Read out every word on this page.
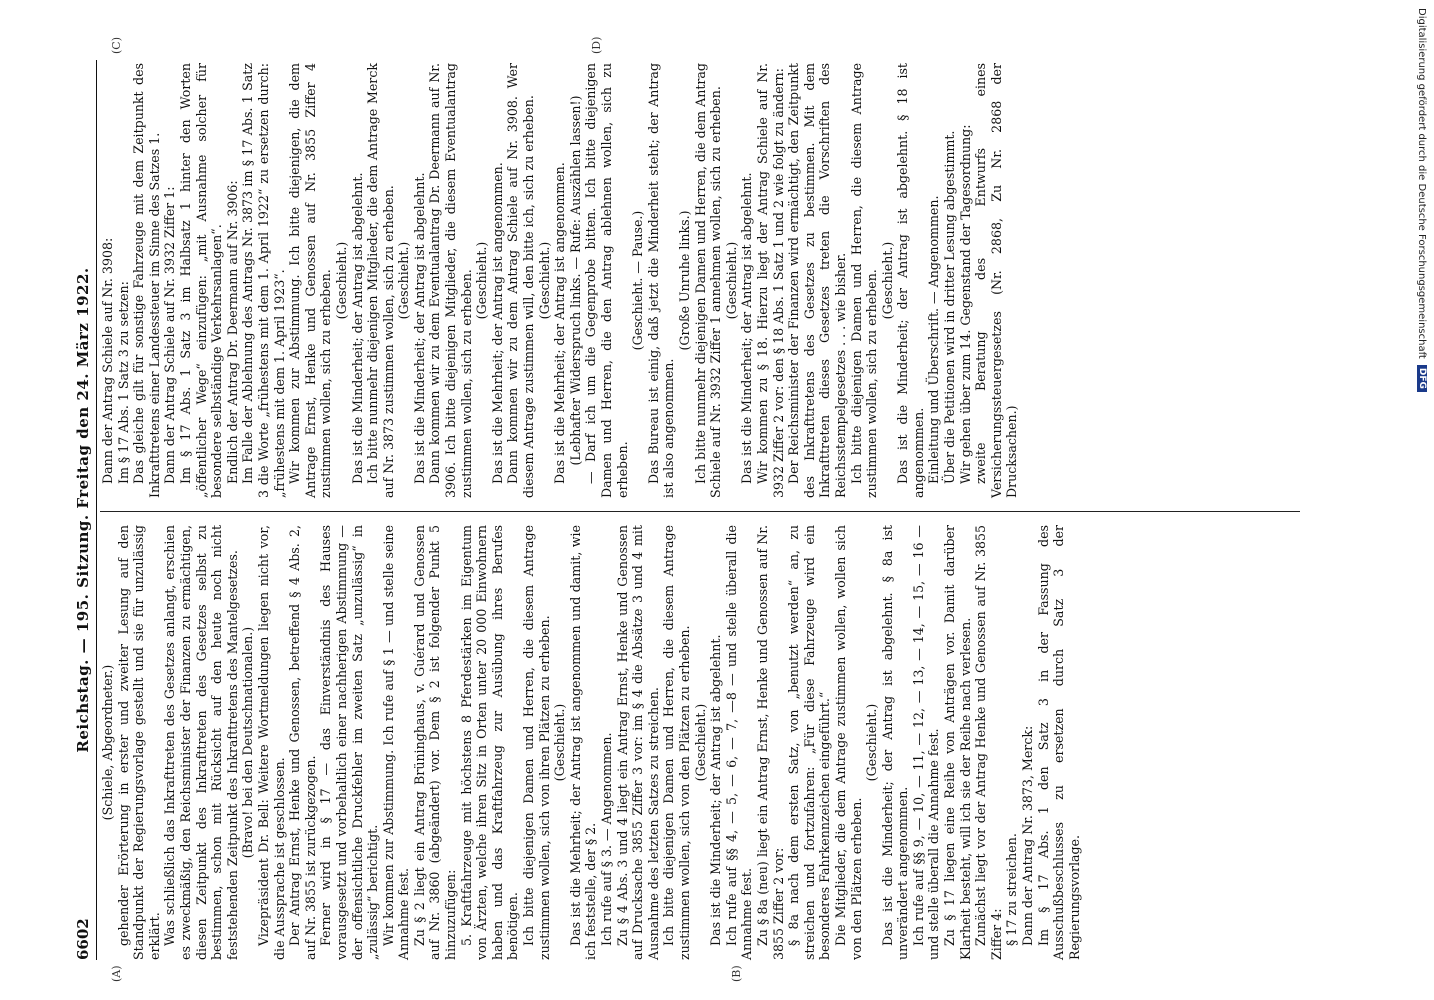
6602
Reichstag. — 195. Sitzung. Freitag den 24. März 1922.
(A)	(B)
(C)	(D)

(Schiele, Abgeordneter.) gehender Erörterung in erster und zweiter Lesung auf den Standpunkt der Regierungsvorlage gestellt und sie für unzulässig erklärt. Was schließlich das Inkrafttreten des Gesetzes anlangt, erschien es zweckmäßig, den Reichsminister der Finanzen zu ermächtigen, diesen Zeitpunkt des Inkrafttreten des Gesetzes selbst zu bestimmen, schon mit Rücksicht auf den heute noch nicht feststehenden Zeitpunkt des Inkrafttretens des Mantelgesetzes. (Bravo! bei den Deutschnationalen.) Vizepräsident Dr. Bell: Weitere Wortmeldungen liegen nicht vor, die Aussprache ist geschlossen. Der Antrag Ernst, Henke und Genossen, betreffend § 4 Abs. 2, auf Nr. 3855 ist zurückgezogen. Ferner wird in § 17 — das Einverständnis des Hauses vorausgesetzt und vorbehaltlich einer nachherigen Abstimmung — der offensichtliche Druckfehler im zweiten Satz „unzulässig“ in „zulässig“ berichtigt. Wir kommen zur Abstimmung. Ich rufe auf § 1 — und stelle seine Annahme fest. Zu § 2 liegt ein Antrag Brüninghaus, v. Guérard und Genossen auf Nr. 3860 (abgeändert) vor. Dem § 2 ist folgender Punkt 5 hinzuzufügen: 5. Kraftfahrzeuge mit höchstens 8 Pferdestärken im Eigentum von Ärzten, welche ihren Sitz in Orten unter 20 000 Einwohnern haben und das Kraftfahrzeug zur Ausübung ihres Berufes benötigen. Ich bitte diejenigen Damen und Herren, die diesem Antrage zustimmen wollen, sich von ihren Plätzen zu erheben. (Geschieht.) Das ist die Mehrheit; der Antrag ist angenommen und damit, wie ich feststelle, der § 2. Ich rufe auf § 3. — Angenommen. Zu § 4 Abs. 3 und 4 liegt ein Antrag Ernst, Henke und Genossen auf Drucksache 3855 Ziffer 3 vor: im § 4 die Absätze 3 und 4 mit Ausnahme des letzten Satzes zu streichen. Ich bitte diejenigen Damen und Herren, die diesem Antrage zustimmen wollen, sich von den Plätzen zu erheben. (Geschieht.) Das ist die Minderheit; der Antrag ist abgelehnt. Ich rufe auf §§ 4, — 5, — 6, — 7, —8 — und stelle überall die Annahme fest. Zu § 8a (neu) liegt ein Antrag Ernst, Henke und Genossen auf Nr. 3855 Ziffer 2 vor: § 8a nach dem ersten Satz, von „benutzt werden“ an, zu streichen und fortzufahren: „Für diese Fahrzeuge wird ein besonderes Fahrkennzeichen eingeführt.“ Die Mitglieder, die dem Antrage zustimmen wollen, wollen sich von den Plätzen erheben.

(Geschieht.) Das ist die Minderheit; der Antrag ist abgelehnt. § 8a ist unverändert angenommen. Ich rufe auf §§ 9, — 10, — 11, — 12, — 13, — 14, — 15, — 16 — und stelle überall die Annahme fest. Zu § 17 liegen eine Reihe von Anträgen vor. Damit darüber Klarheit besteht, will ich sie der Reihe nach verlesen. Zunächst liegt vor der Antrag Henke und Genossen auf Nr. 3855 Ziffer 4: § 17 zu streichen. Dann der Antrag Nr. 3873, Merck: Im § 17 Abs. 1 den Satz 3 in der Fassung des Ausschußbeschlusses zu ersetzen durch Satz 3 der Regierungsvorlage.

Dann der Antrag Schiele auf Nr. 3908: Im § 17 Abs. 1 Satz 3 zu setzen: Das gleiche gilt für sonstige Fahrzeuge mit dem Zeitpunkt des Inkrafttretens einer Landessteuer im Sinne des Satzes 1. Dann der Antrag Schiele auf Nr. 3932 Ziffer 1: Im § 17 Abs. 1 Satz 3 im Halbsatz 1 hinter den Worten „öffentlicher Wege“ einzufügen: „mit Ausnahme solcher für besondere selbständige Verkehrsanlagen“. Endlich der Antrag Dr. Deermann auf Nr. 3906: Im Falle der Ablehnung des Antrags Nr. 3873 im § 17 Abs. 1 Satz 3 die Worte „frühestens mit dem 1. April 1922“ zu ersetzen durch: „frühestens mit dem 1. April 1923“. Wir kommen zur Abstimmung. Ich bitte diejenigen, die dem Antrage Ernst, Henke und Genossen auf Nr. 3855 Ziffer 4 zustimmen wollen, sich zu erheben. (Geschieht.) Das ist die Minderheit; der Antrag ist abgelehnt. Ich bitte nunmehr diejenigen Mitglieder, die dem Antrage Merck auf Nr. 3873 zustimmen wollen, sich zu erheben. (Geschieht.) Das ist die Minderheit; der Antrag ist abgelehnt. Dann kommen wir zu dem Eventualantrag Dr. Deermann auf Nr. 3906. Ich bitte diejenigen Mitglieder, die diesem Eventualantrag zustimmen wollen, sich zu erheben. (Geschieht.) Das ist die Mehrheit; der Antrag ist angenommen. Dann kommen wir zu dem Antrag Schiele auf Nr. 3908. Wer diesem Antrage zustimmen will, den bitte ich, sich zu erheben. (Geschieht.) Das ist die Mehrheit; der Antrag ist angenommen. (Lebhafter Widerspruch links. — Rufe: Auszählen lassen!) — Darf ich um die Gegenprobe bitten. Ich bitte diejenigen Damen und Herren, die den Antrag ablehnen wollen, sich zu erheben.

(Geschieht. — Pause.) Das Bureau ist einig, daß jetzt die Minderheit steht; der Antrag ist also angenommen.

(Große Unruhe links.) Ich bitte nunmehr diejenigen Damen und Herren, die dem Antrag Schiele auf Nr. 3932 Ziffer 1 annehmen wollen, sich zu erheben. (Geschieht.) Das ist die Minderheit; der Antrag ist abgelehnt. Wir kommen zu § 18. Hierzu liegt der Antrag Schiele auf Nr. 3932 Ziffer 2 vor: den § 18 Abs. 1 Satz 1 und 2 wie folgt zu ändern: Der Reichsminister der Finanzen wird ermächtigt, den Zeitpunkt des Inkrafttretens des Gesetzes zu bestimmen. Mit dem Inkrafttreten dieses Gesetzes treten die Vorschriften des Reichsstempelgesetzes . . . wie bisher. Ich bitte diejenigen Damen und Herren, die diesem Antrage zustimmen wollen, sich zu erheben. (Geschieht.) Das ist die Minderheit; der Antrag ist abgelehnt. § 18 ist angenommen. Einleitung und Überschrift. — Angenommen. Über die Petitionen wird in dritter Lesung abgestimmt. Wir gehen über zum 14. Gegenstand der Tagesordnung: zweite Beratung des Entwurfs eines Versicherungssteuergesetzes (Nr. 2868, Zu Nr. 2868 der Drucksachen.)

Digitalisierung gefördert durch die Deutsche Forschungsgemeinschaft
DFG
